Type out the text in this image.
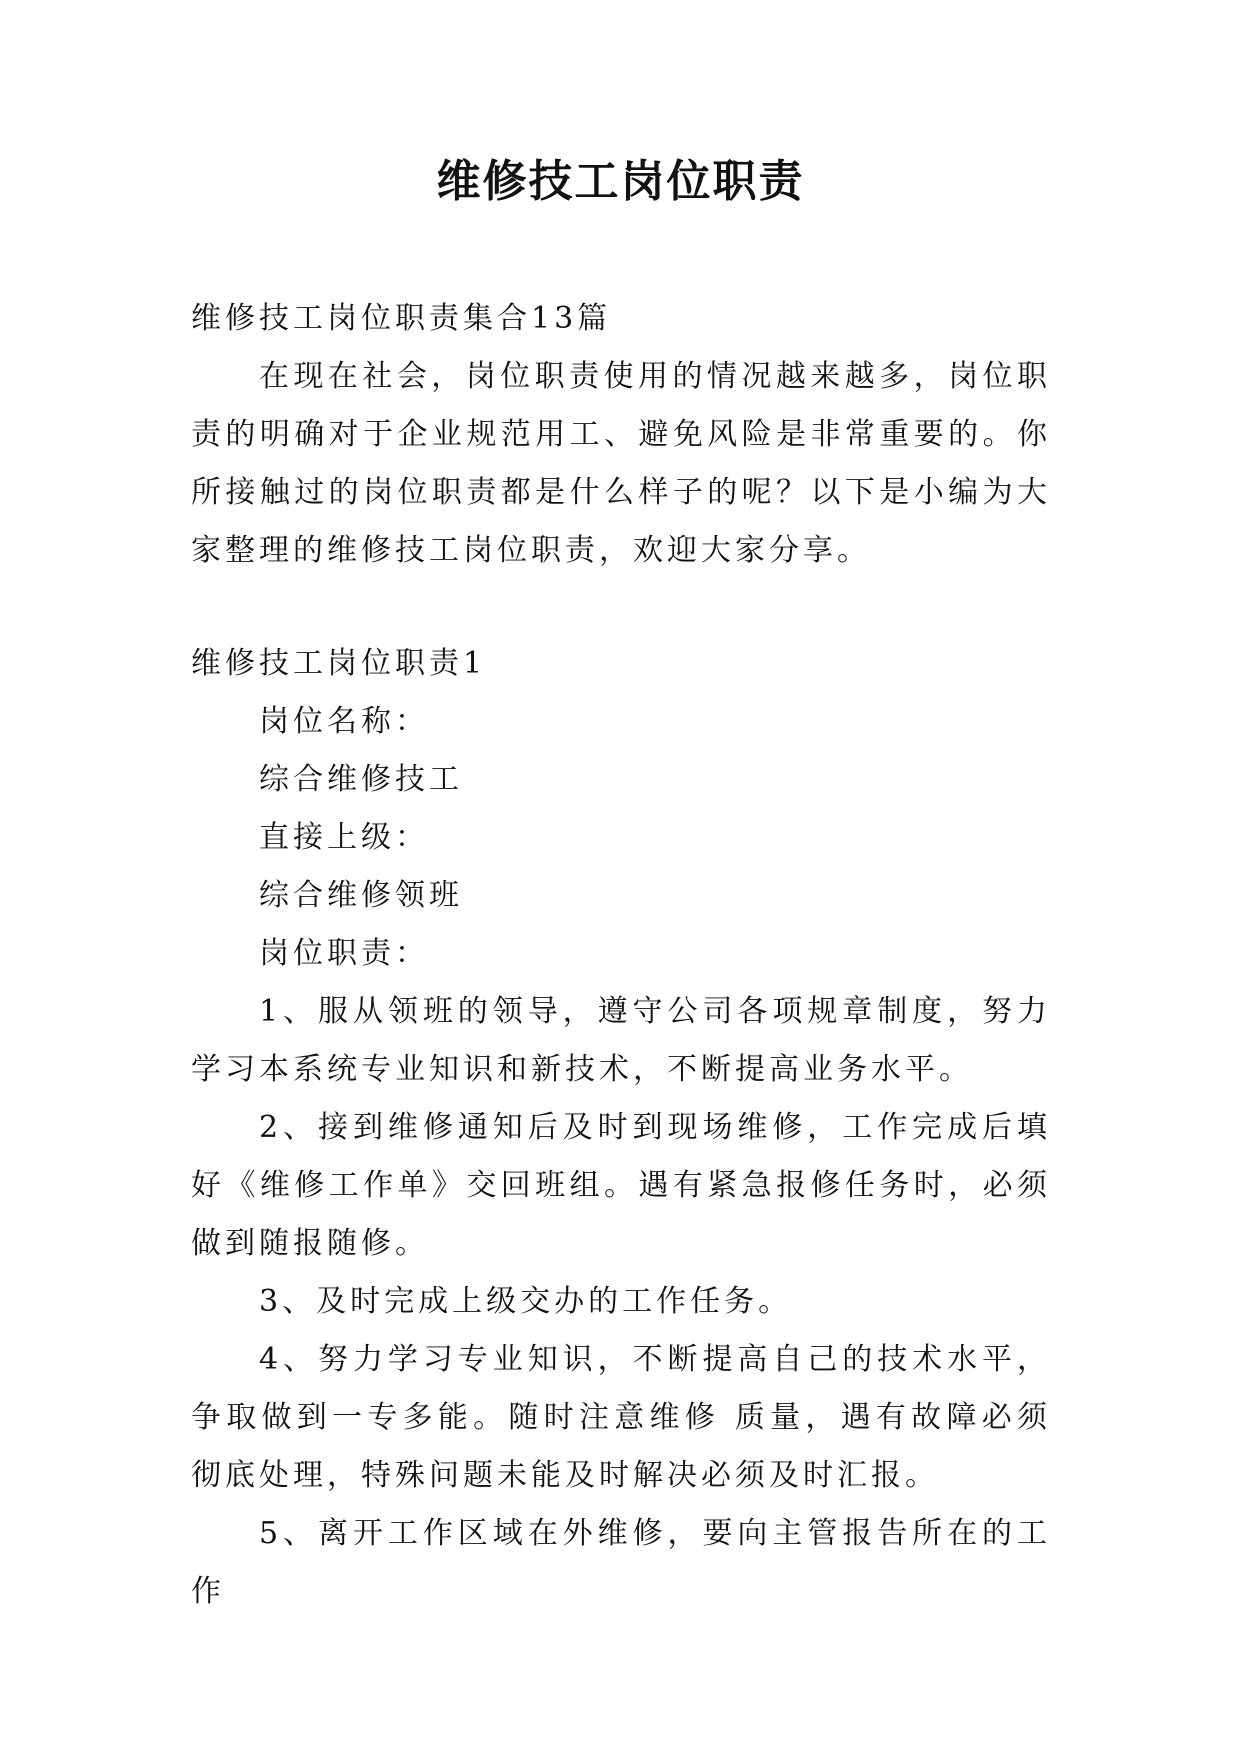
维修技工岗位职责

维修技工岗位职责集合13篇

在现在社会，岗位职责使用的情况越来越多，岗位职责的明确对于企业规范用工、避免风险是非常重要的。你所接触过的岗位职责都是什么样子的呢？以下是小编为大家整理的维修技工岗位职责，欢迎大家分享。

维修技工岗位职责1

岗位名称：

综合维修技工

直接上级：

综合维修领班

岗位职责：

1、服从领班的领导，遵守公司各项规章制度，努力学习本系统专业知识和新技术，不断提高业务水平。

2、接到维修通知后及时到现场维修，工作完成后填好《维修工作单》交回班组。遇有紧急报修任务时，必须做到随报随修。

3、及时完成上级交办的工作任务。

4、努力学习专业知识，不断提高自己的技术水平，争取做到一专多能。随时注意维修 质量，遇有故障必须彻底处理，特殊问题未能及时解决必须及时汇报。

5、离开工作区域在外维修，要向主管报告所在的工作
